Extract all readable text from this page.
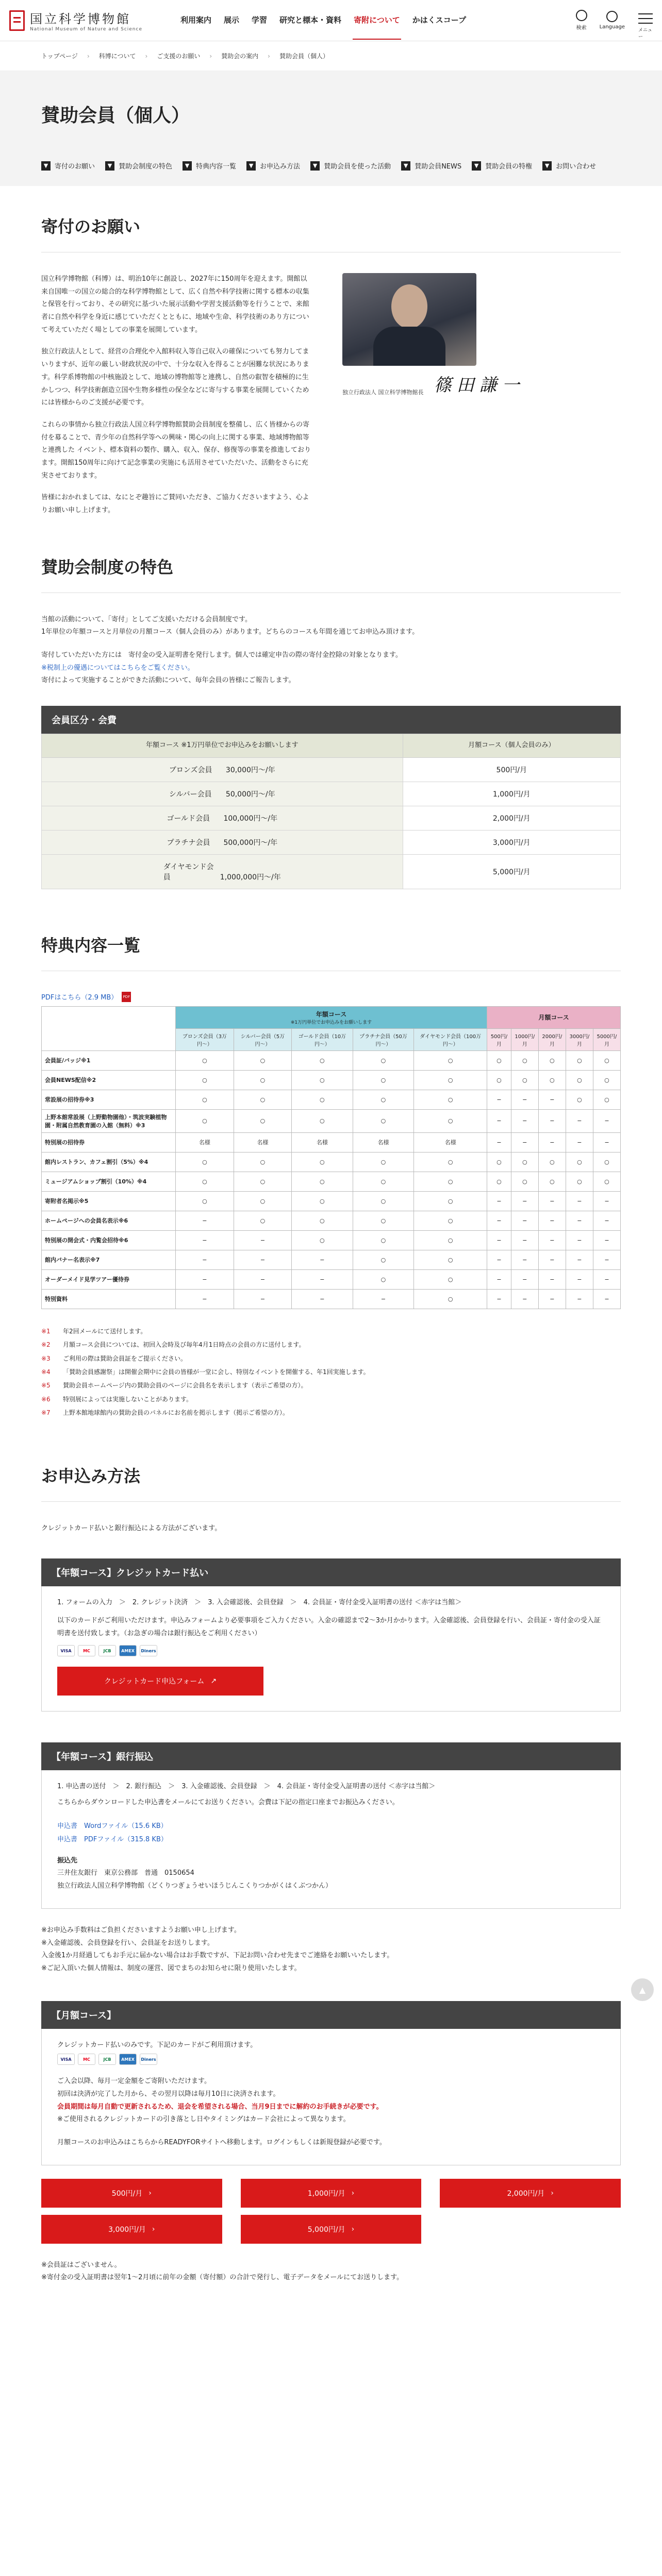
国立科学博物館
National Museum of Nature and Science
利用案内 展示 学習 研究と標本・資料 寄附について かはくスコープ
検索	Language
メニュー
トップページ › 科博について › ご支援のお願い › 賛助会の案内 › 賛助会員（個人）
賛助会員（個人）
▼ 寄付のお願い	▼ 賛助会制度の特色	▼ 特典内容一覧	▼ お申込み方法	▼ 賛助会員を使った活動	▼ 賛助会員NEWS	▼ 賛助会員の特権	▼ お問い合わせ
寄付のお願い

国立科学博物館（科博）は、明治10年に創設し、2027年に150周年を迎えます。開館以来自国唯一の国立の総合的な科学博物館として、広く自然や科学技術に関する標本の収集と保管を行っており、その研究に基づいた展示活動や学習支援活動等を行うことで、来館者に自然や科学を身近に感じていただくとともに、地域や生命、科学技術のあり方について考えていただく場としての事業を展開しています。

独立行政法人として、経営の合理化や入館料収入等自己収入の確保についても努力してまいりますが、近年の厳しい財政状況の中で、十分な収入を得ることが困難な状況にあります。科学系博物館の中核施設として、地域の博物館等と連携し、自然の叡智を積極的に生かしつつ、科学技術創造立国や生物多様性の保全などに寄与する事業を展開していくためには皆様からのご支援が必要です。

これらの事情から独立行政法人国立科学博物館賛助会員制度を整備し、広く皆様からの寄付を募ることで、青少年の自然科学等への興味・関心の向上に関する事業、地域博物館等と連携した イベント、標本資料の製作、購入、収入、保存、修復等の事業を推進しております。開館150周年に向けて記念事業の実施にも活用させていただいた、活動をさらに充実させております。

皆様におかれましては、なにとぞ趣旨にご賛同いただき、ご協力くださいますよう、心よりお願い申し上げます。

独立行政法人 国立科学博物館長 篠田謙一
賛助会制度の特色

当館の活動について、「寄付」としてご支援いただける会員制度です。

1年単位の年額コースと月単位の月額コース（個人会員のみ）があります。どちらのコースも年間を通じてお申込み頂けます。

寄付していただいた方には　寄付金の受入証明書を発行します。個人では確定申告の際の寄付金控除の対象となります。

※税制上の優遇についてはこちらをご覧ください。

寄付によって実施することができた活動について、毎年会員の皆様にご報告します。

会員区分・会費
年額コース ※1万円単位でお申込みをお願いします	月額コース（個人会員のみ）
ブロンズ会員 30,000円〜/年	500円/月
シルバー会員 50,000円〜/年	1,000円/月
ゴールド会員 100,000円〜/年	2,000円/月
プラチナ会員 500,000円〜/年	3,000円/月
ダイヤモンド会員 1,000,000円〜/年	5,000円/月
特典内容一覧
PDFはこちら（2.9 MB）	PDF

	年額コース
※1万円単位でお申込みをお願いします					月額コース				
	ブロンズ会員（3万円〜）	シルバー会員（5万円〜）	ゴールド会員（10万円〜）	プラチナ会員（50万円〜）	ダイヤモンド会員（100万円〜）	500円/月	1000円/月	2000円/月	3000円/月	5000円/月
会員証/バッジ※1	○	○	○	○	○	○	○	○	○	○
会員NEWS配信※2	○	○	○	○	○	○	○	○	○	○
常設展の招待券※3	○	○	○	○	○	−	−	−	○	○
上野本館常設展（上野動物園他）・筑波実験植物園・附属自然教育園の入館（無料）※3	○	○	○	○	○	−	−	−	−	−
特別展の招待券	名様	名様	名様	名様	名様	−	−	−	−	−
館内レストラン、カフェ割引（5%）※4	○	○	○	○	○	○	○	○	○	○
ミュージアムショップ割引（10%）※4	○	○	○	○	○	○	○	○	○	○
寄附者名掲示※5	○	○	○	○	○	−	−	−	−	−
ホームページへの会員名表示※6	−	○	○	○	○	−	−	−	−	−
特別展の開会式・内覧会招待※6	−	−	○	○	○	−	−	−	−	−
館内バナー名表示※7	−	−	−	○	○	−	−	−	−	−
オーダーメイド見学ツアー優待券	−	−	−	○	○	−	−	−	−	−
特別資料	−	−	−	−	○	−	−	−	−	−
※1	年2回メールにて送付します。
※2	月額コース会員については、初回入会時及び毎年4月1日時点の会員の方に送付します。
※3	ご利用の際は賛助会員証をご提示ください。
※4	「賛助会員感謝祭」は開催会期中に会員の皆様が一堂に会し、特別なイベントを開催する、年1回実施します。
※5	賛助会員ホームページ内の賛助会員のページに会員名を表示します（表示ご希望の方）。
※6	特別展によっては実施しないことがあります。
※7	上野本館地球館内の賛助会員のパネルにお名前を掲示します（掲示ご希望の方）。
お申込み方法

クレジットカード払いと銀行振込による方法がございます。

【年額コース】クレジットカード払い
1. フォームの入力　＞　2. クレジット決済　＞　3. 入会確認後、会員登録　＞　4. 会員証・寄付金受入証明書の送付 ＜赤字は当館＞
以下のカードがご利用いただけます。申込みフォームより必要事項をご入力ください。入金の確認まで2〜3か月かかります。入金確認後、会員登録を行い、会員証・寄付金の受入証明書を送付致します。（お急ぎの場合は銀行振込をご利用ください）
VISA	MC	JCB	AMEX	Diners
クレジットカード申込フォーム ↗
【年額コース】銀行振込
1. 申込書の送付　＞　2. 銀行振込　＞　3. 入金確認後、会員登録　＞　4. 会員証・寄付金受入証明書の送付 ＜赤字は当館＞
こちらからダウンロードした申込書をメールにてお送りください。会費は下記の指定口座までお振込みください。
申込書　Wordファイル（15.6 KB）
申込書　PDFファイル（315.8 KB）
振込先
三井住友銀行　東京公務部　普通　0150654
独立行政法人国立科学博物館（どくりつぎょうせいほうじんこくりつかがくはくぶつかん）

※お申込み手数料はご負担くださいますようお願い申し上げます。

※入金確認後、会員登録を行い、会員証をお送りします。

入金後1か月経過してもお手元に届かない場合はお手数ですが、下記お問い合わせ先までご連絡をお願いいたします。

※ご記入頂いた個人情報は、制度の運営、図でまちのお知らせに限り使用いたします。

【月額コース】
クレジットカード払いのみです。下記のカードがご利用頂けます。
VISA	MC	JCB	AMEX	Diners
ご入会以降、毎月一定金額をご寄附いただけます。
初回は決済が完了した月から、その翌月以降は毎月10日に決済されます。
会員期間は毎月自動で更新されるため、退会を希望される場合、当月9日までに解約のお手続きが必要です。
※ご使用されるクレジットカードの引き落とし日やタイミングはカード会社によって異なります。
月額コースのお申込みはこちらからREADYFORサイトへ移動します。ログインもしくは新規登録が必要です。
500円/月 ›	1,000円/月 ›	2,000円/月 ›
3,000円/月 ›	5,000円/月 ›

※会員証はございません。

※寄付金の受入証明書は翌年1〜2月頃に前年の金額（寄付額）の合計で発行し、電子データをメールにてお送りします。

▲
